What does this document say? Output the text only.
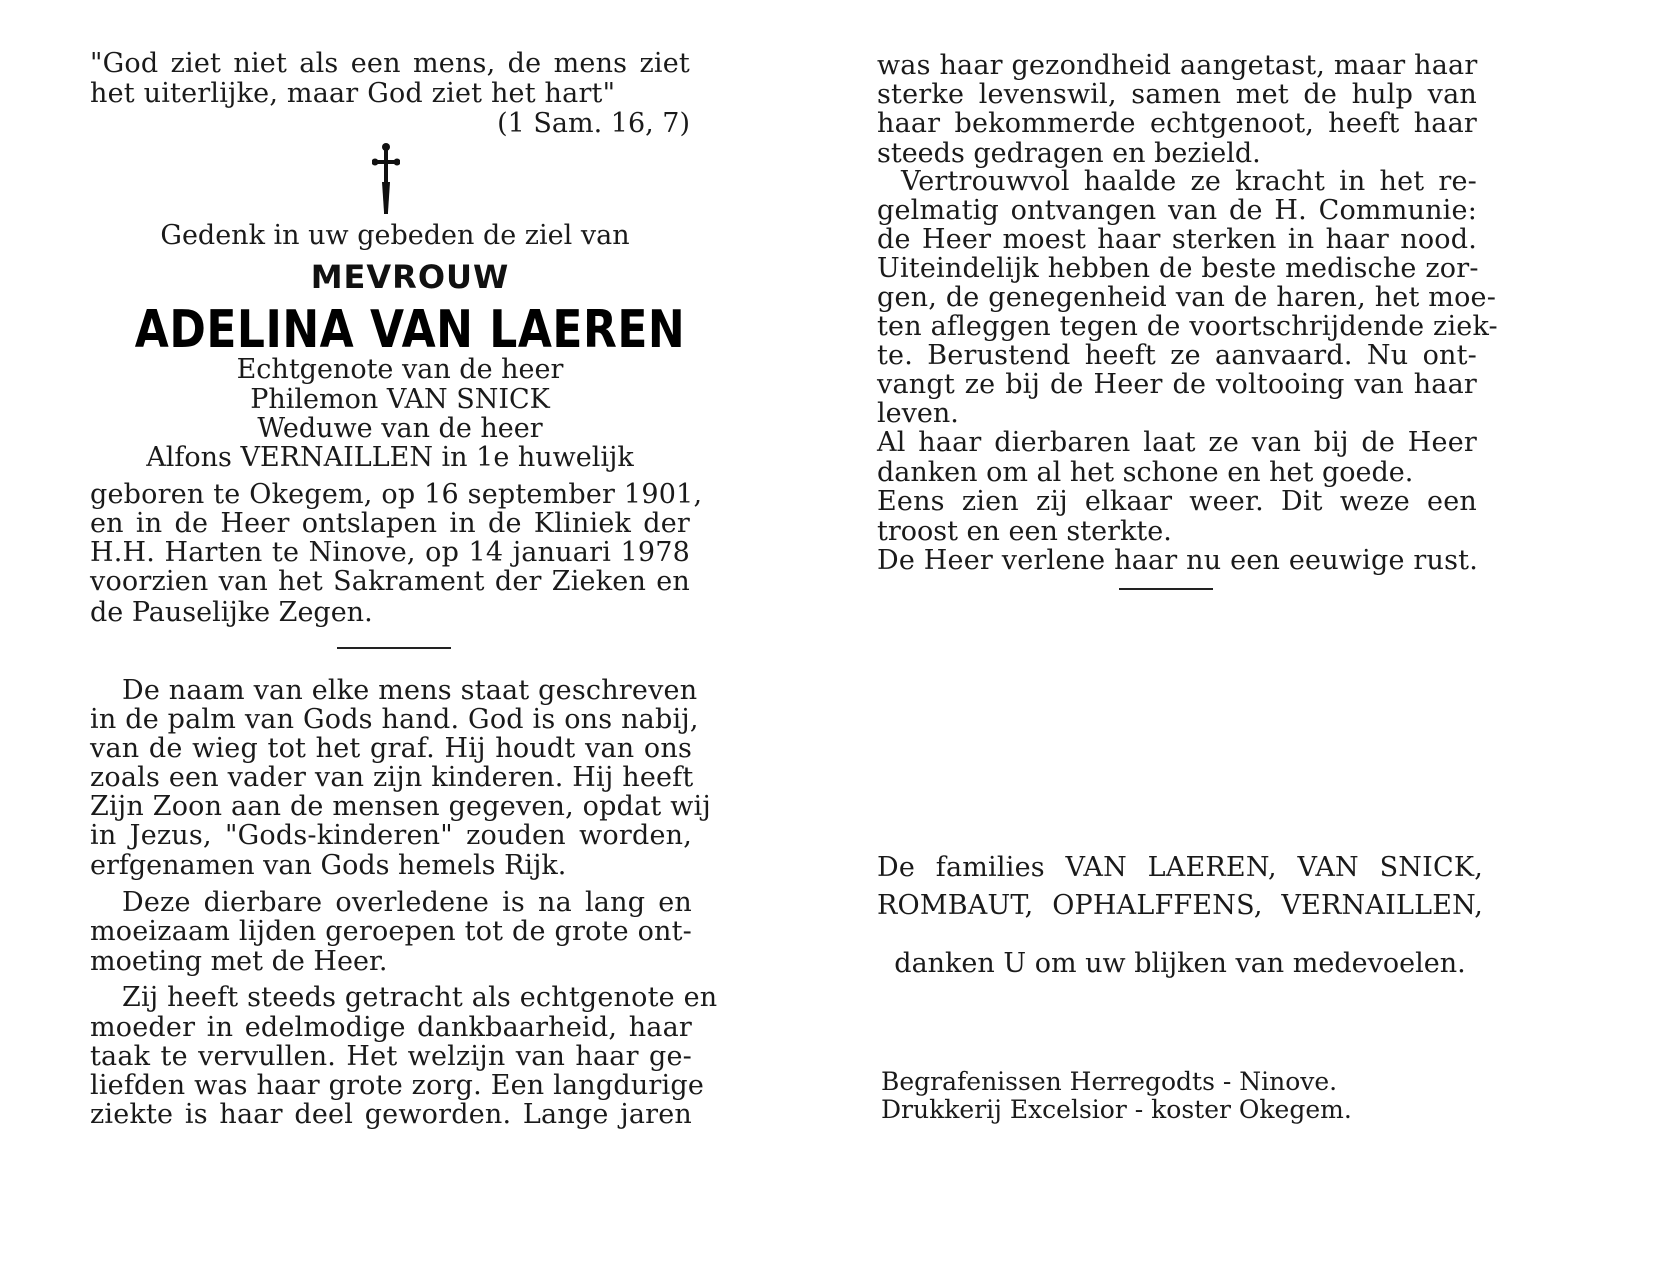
"God ziet niet als een mens, de mens ziet
het uiterlijke, maar God ziet het hart"
(1 Sam. 16, 7)
Gedenk in uw gebeden de ziel van
MEVROUW
ADELINA VAN LAEREN
Echtgenote van de heer
Philemon VAN SNICK
Weduwe van de heer
Alfons VERNAILLEN in 1e huwelijk
geboren te Okegem, op 16 september 1901,
en in de Heer ontslapen in de Kliniek der
H.H. Harten te Ninove, op 14 januari 1978
voorzien van het Sakrament der Zieken en
de Pauselijke Zegen.
De naam van elke mens staat geschreven
in de palm van Gods hand. God is ons nabij,
van de wieg tot het graf. Hij houdt van ons
zoals een vader van zijn kinderen. Hij heeft
Zijn Zoon aan de mensen gegeven, opdat wij
in Jezus, "Gods-kinderen" zouden worden,
erfgenamen van Gods hemels Rijk.
Deze dierbare overledene is na lang en
moeizaam lijden geroepen tot de grote ont-
moeting met de Heer.
Zij heeft steeds getracht als echtgenote en
moeder in edelmodige dankbaarheid, haar
taak te vervullen. Het welzijn van haar ge-
liefden was haar grote zorg. Een langdurige
ziekte is haar deel geworden. Lange jaren
was haar gezondheid aangetast, maar haar
sterke levenswil, samen met de hulp van
haar bekommerde echtgenoot, heeft haar
steeds gedragen en bezield.
Vertrouwvol haalde ze kracht in het re-
gelmatig ontvangen van de H. Communie:
de Heer moest haar sterken in haar nood.
Uiteindelijk hebben de beste medische zor-
gen, de genegenheid van de haren, het moe-
ten afleggen tegen de voortschrijdende ziek-
te. Berustend heeft ze aanvaard. Nu ont-
vangt ze bij de Heer de voltooing van haar
leven.
Al haar dierbaren laat ze van bij de Heer
danken om al het schone en het goede.
Eens zien zij elkaar weer. Dit weze een
troost en een sterkte.
De Heer verlene haar nu een eeuwige rust.
De families VAN LAEREN, VAN SNICK,
ROMBAUT, OPHALFFENS, VERNAILLEN,
danken U om uw blijken van medevoelen.
Begrafenissen Herregodts - Ninove.
Drukkerij Excelsior - koster Okegem.
